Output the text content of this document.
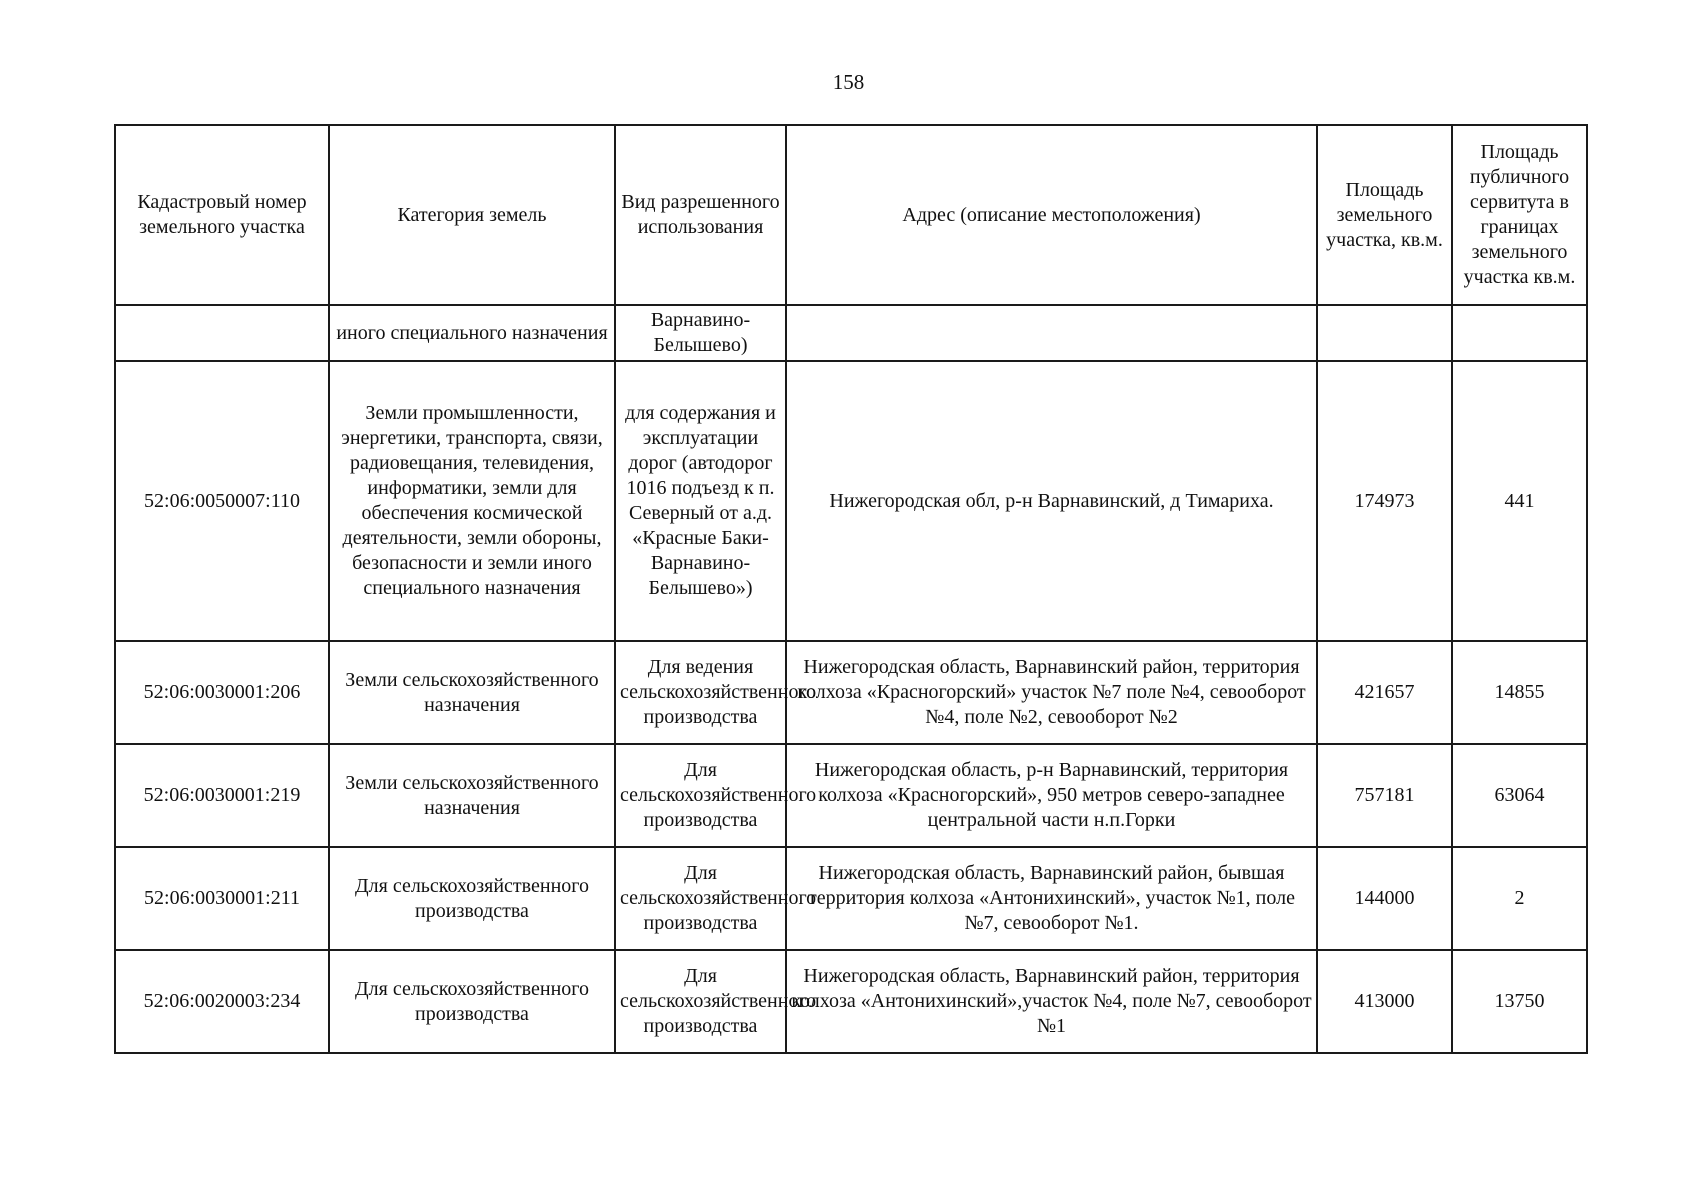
158
Кадастровый номер земельного участка	Категория земель	Вид разрешенного использования	Адрес (описание местоположения)	Площадь земельного участка, кв.м.	Площадь публичного сервитута в границах земельного участка кв.м.
	иного специального назначения	Варнавино-Белышево)			
52:06:0050007:110	Земли промышленности, энергетики, транспорта, связи, радиовещания, телевидения, информатики, земли для обеспечения космической деятельности, земли обороны, безопасности и земли иного специального назначения	для содержания и эксплуатации дорог (автодорог 1016 подъезд к п. Северный от а.д. «Красные Баки-Варнавино-Белышево»)	Нижегородская обл, р-н Варнавинский, д Тимариха.	174973	441
52:06:0030001:206	Земли сельскохозяйственного назначения	Для ведения сельскохозяйственного производства	Нижегородская область, Варнавинский район, территория колхоза «Красногорский» участок №7 поле №4, севооборот №4, поле №2, севооборот №2	421657	14855
52:06:0030001:219	Земли сельскохозяйственного назначения	Для сельскохозяйственного производства	Нижегородская область, р-н Варнавинский, территория колхоза «Красногорский», 950 метров северо-западнее центральной части н.п.Горки	757181	63064
52:06:0030001:211	Для сельскохозяйственного производства	Для сельскохозяйственного производства	Нижегородская область, Варнавинский район, бывшая территория колхоза «Антонихинский», участок №1, поле №7, севооборот №1.	144000	2
52:06:0020003:234	Для сельскохозяйственного производства	Для сельскохозяйственного производства	Нижегородская область, Варнавинский район, территория колхоза «Антонихинский»,участок №4, поле №7, севооборот №1	413000	13750
